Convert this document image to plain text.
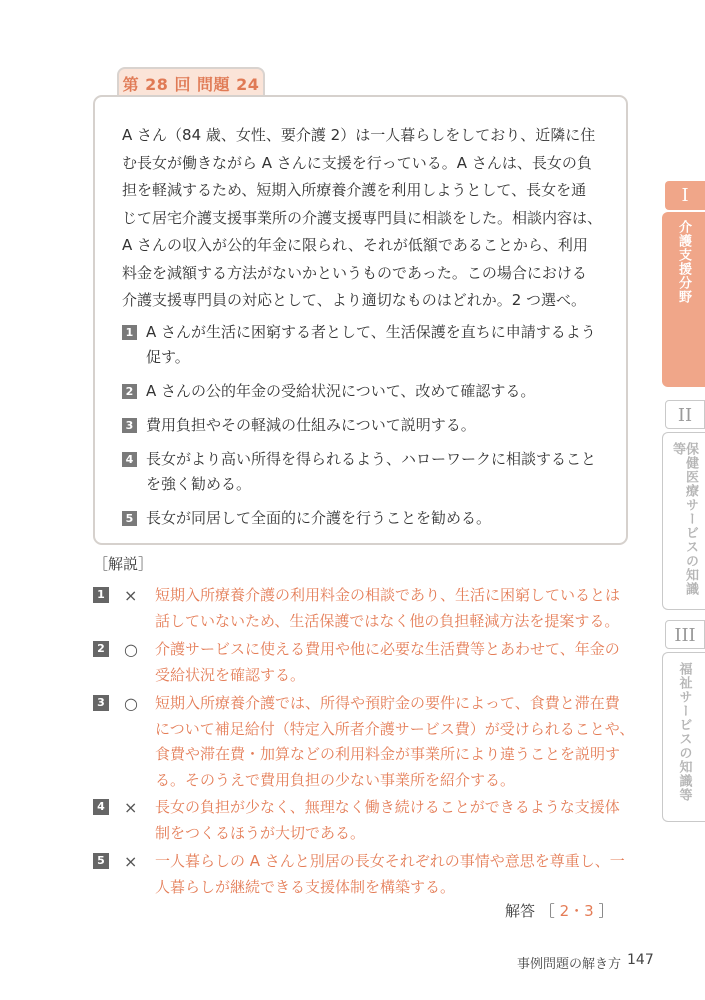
第 28 回 問題 24
A さん（84 歳、女性、要介護 2）は一人暮らしをしており、近隣に住
む長女が働きながら A さんに支援を行っている。A さんは、長女の負
担を軽減するため、短期入所療養介護を利用しようとして、長女を通
じて居宅介護支援事業所の介護支援専門員に相談をした。相談内容は、
A さんの収入が公的年金に限られ、それが低額であることから、利用
料金を減額する方法がないかというものであった。この場合における
介護支援専門員の対応として、より適切なものはどれか。2 つ選べ。
1 A さんが生活に困窮する者として、生活保護を直ちに申請するよう
促す。
2 A さんの公的年金の受給状況について、改めて確認する。
3 費用負担やその軽減の仕組みについて説明する。
4 長女がより高い所得を得られるよう、ハローワークに相談すること
を強く勧める。
5 長女が同居して全面的に介護を行うことを勧める。
［解説］
1 × 短期入所療養介護の利用料金の相談であり、生活に困窮しているとは
話していないため、生活保護ではなく他の負担軽減方法を提案する。
2 ○ 介護サービスに使える費用や他に必要な生活費等とあわせて、年金の
受給状況を確認する。
3 ○ 短期入所療養介護では、所得や預貯金の要件によって、食費と滞在費
について補足給付（特定入所者介護サービス費）が受けられることや、
食費や滞在費・加算などの利用料金が事業所により違うことを説明す
る。そのうえで費用負担の少ない事業所を紹介する。
4 × 長女の負担が少なく、無理なく働き続けることができるような支援体
制をつくるほうが大切である。
5 × 一人暮らしの A さんと別居の長女それぞれの事情や意思を尊重し、一
人暮らしが継続できる支援体制を構築する。
解答 ［ 2・3 ］
事例問題の解き方 147
I
介護支援分野
II
保健医療サービスの知識等
III
福祉サービスの知識等
